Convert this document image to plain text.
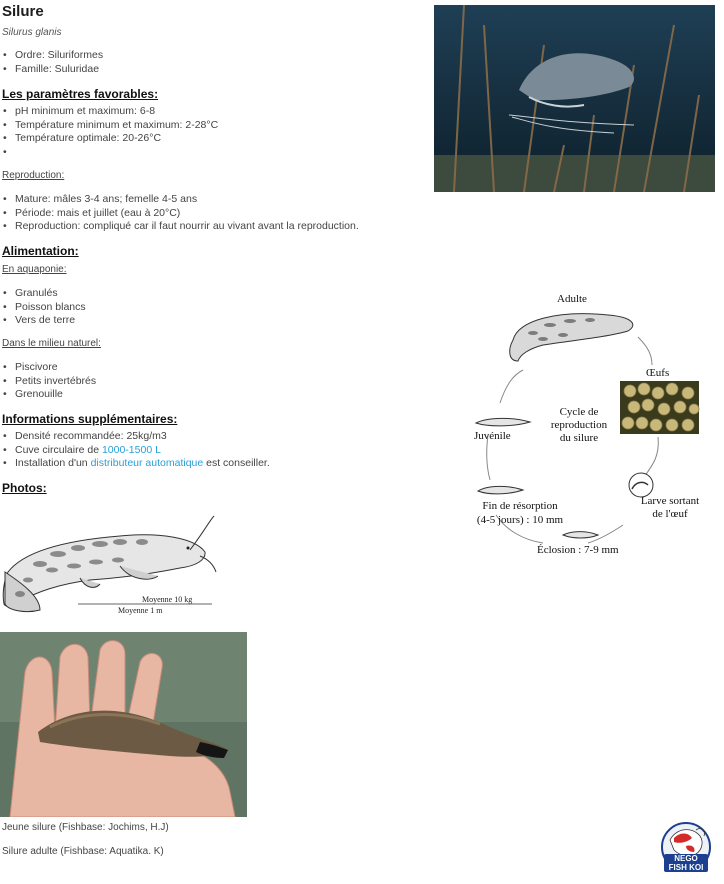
Silure
Silurus glanis
• Ordre: Siluriformes
• Famille: Suluridae
Les paramètres favorables:
• pH minimum et maximum: 6-8
• Température minimum et maximum: 2-28°C
• Température optimale: 20-26°C
•
Reproduction:
• Mature: mâles 3-4 ans; femelle 4-5 ans
• Période: mais et juillet (eau à 20°C)
• Reproduction: compliqué car il faut nourrir au vivant avant la reproduction.
Alimentation:
En aquaponie:
• Granulés
• Poisson blancs
• Vers de terre
Dans le milieu naturel:
• Piscivore
• Petits invertébrés
• Grenouille
Informations supplémentaires:
• Densité recommandée: 25kg/m3
• Cuve circulaire de 1000-1500 L
• Installation d'un distributeur automatique est conseiller.
Photos:
Moyenne 10 kg
Moyenne 1 m
Jeune silure (Fishbase: Jochims, H.J)
Silure adulte (Fishbase: Aquatika. K)
Adulte
Œufs
Cycle de
reproduction
du silure
Juvénile
Larve sortant
de l'œuf
Fin de résorption
(4-5 jours) : 10 mm
Éclosion : 7-9 mm
NEGO
FISH KOI
